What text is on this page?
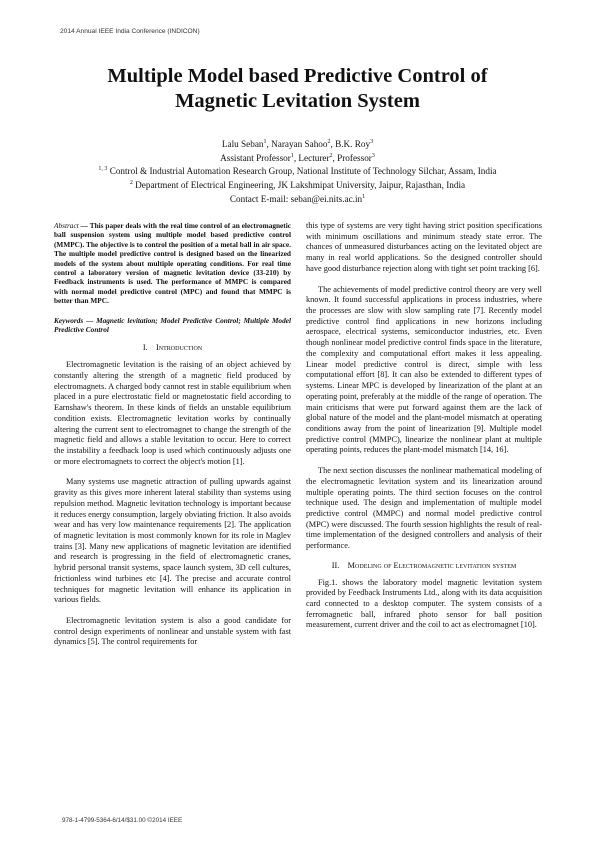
2014 Annual IEEE India Conference (INDICON)
Multiple Model based Predictive Control of
Magnetic Levitation System
Lalu Seban$^1$, Narayan Sahoo$^2$, B.K. Roy$^3$
Assistant Professor$^1$, Lecturer$^2$, Professor$^3$
$^{1, 3}$ Control & Industrial Automation Research Group, National Institute of Technology Silchar, Assam, India
$^2$ Department of Electrical Engineering, JK Lakshmipat University, Jaipur, Rajasthan, India
Contact E-mail: $seban@ei.nits.ac.in^1$
Abstract — This paper deals with the real time control of an electromagnetic ball suspension system using multiple model based predictive control (MMPC). The objective is to control the position of a metal ball in air space. The multiple model predictive control is designed based on the linearized models of the system about multiple operating conditions. For real time control a laboratory version of magnetic levitation device (33-210) by Feedback instruments is used. The performance of MMPC is compared with normal model predictive control (MPC) and found that MMPC is better than MPC.
Keywords — Magnetic levitation; Model Predictive Control; Multiple Model Predictive Control
I. Introduction

Electromagnetic levitation is the raising of an object achieved by constantly altering the strength of a magnetic field produced by electromagnets. A charged body cannot rest in stable equilibrium when placed in a pure electrostatic field or magnetostatic field according to Earnshaw's theorem. In these kinds of fields an unstable equilibrium condition exists. Electromagnetic levitation works by continually altering the current sent to electromagnet to change the strength of the magnetic field and allows a stable levitation to occur. Here to correct the instability a feedback loop is used which continuously adjusts one or more electromagnets to correct the object's motion [1].

Many systems use magnetic attraction of pulling upwards against gravity as this gives more inherent lateral stability than systems using repulsion method. Magnetic levitation technology is important because it reduces energy consumption, largely obviating friction. It also avoids wear and has very low maintenance requirements [2]. The application of magnetic levitation is most commonly known for its role in Maglev trains [3]. Many new applications of magnetic levitation are identified and research is progressing in the field of electromagnetic cranes, hybrid personal transit systems, space launch system, 3D cell cultures, frictionless wind turbines etc [4]. The precise and accurate control techniques for magnetic levitation will enhance its application in various fields.

Electromagnetic levitation system is also a good candidate for control design experiments of nonlinear and unstable system with fast dynamics [5]. The control requirements for

this type of systems are very tight having strict position specifications with minimum oscillations and minimum steady state error. The chances of unmeasured disturbances acting on the levitated object are many in real world applications. So the designed controller should have good disturbance rejection along with tight set point tracking [6].

The achievements of model predictive control theory are very well known. It found successful applications in process industries, where the processes are slow with slow sampling rate [7]. Recently model predictive control find applications in new horizons including aerospace, electrical systems, semiconductor industries, etc. Even though nonlinear model predictive control finds space in the literature, the complexity and computational effort makes it less appealing. Linear model predictive control is direct, simple with less computational effort [8]. It can also be extended to different types of systems. Linear MPC is developed by linearization of the plant at an operating point, preferably at the middle of the range of operation. The main criticisms that were put forward against them are the lack of global nature of the model and the plant-model mismatch at operating conditions away from the point of linearization [9]. Multiple model predictive control (MMPC), linearize the nonlinear plant at multiple operating points, reduces the plant-model mismatch [14, 16].

The next section discusses the nonlinear mathematical modeling of the electromagnetic levitation system and its linearization around multiple operating points. The third section focuses on the control technique used. The design and implementation of multiple model predictive control (MMPC) and normal model predictive control (MPC) were discussed. The fourth session highlights the result of real-time implementation of the designed controllers and analysis of their performance.

II. Modeling of Electromagnetic levitation system

Fig.1. shows the laboratory model magnetic levitation system provided by Feedback Instruments Ltd., along with its data acquisition card connected to a desktop computer. The system consists of a ferromagnetic ball, infrared photo sensor for ball position measurement, current driver and the coil to act as electromagnet [10].

978-1-4799-5364-6/14/$31.00 ©2014 IEEE
